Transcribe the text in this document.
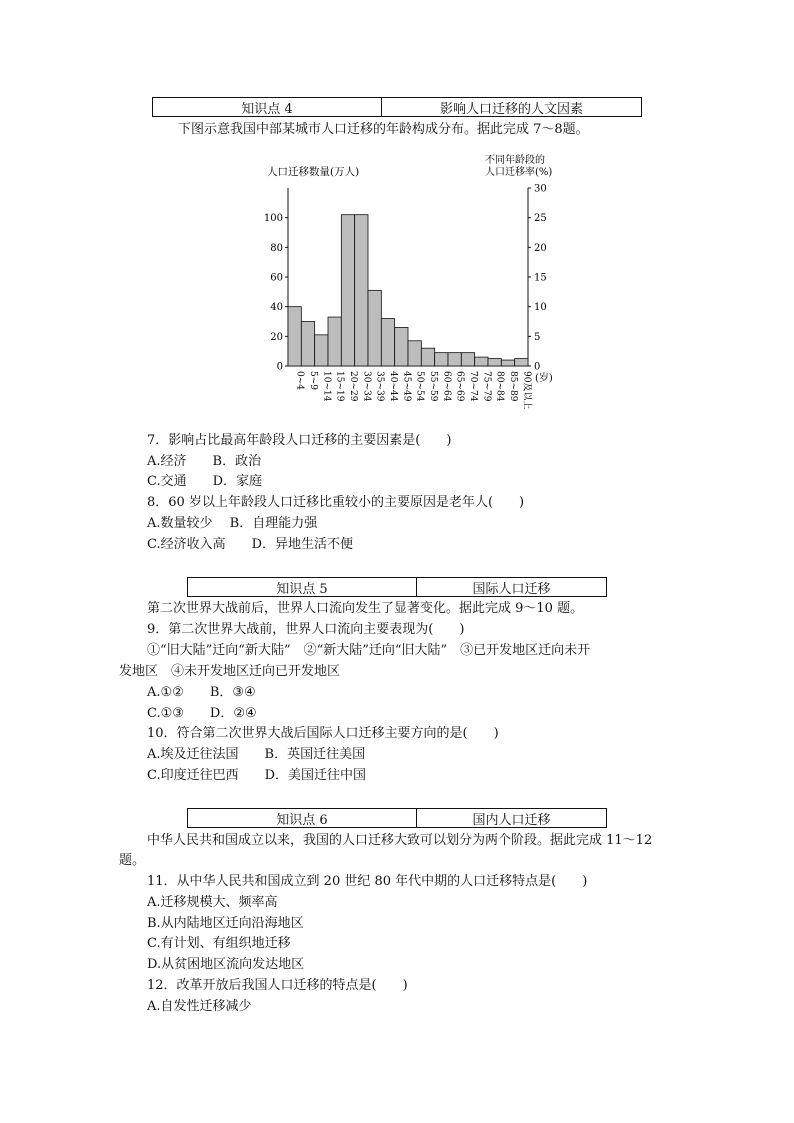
知识点 4	影响人口迁移的人文因素
下图示意我国中部某城市人口迁移的年龄构成分布。据此完成 7～8题。
人口迁移数量(万人)
不同年龄段的
人口迁移率(%)
0
20
40
60
80
100
0
5
10
15
20
25
30
0~4 5~9 10~14 15~19 20~29 30~34 35~39 40~44 45~49 50~54 55~59 60~64 65~69 70~74 75~79 80~84 85~89 90及以上 (岁)
7．影响占比最高年龄段人口迁移的主要因素是(　　)
A.经济　　B．政治
C.交通　　D．家庭
8．60 岁以上年龄段人口迁移比重较小的主要原因是老年人(　　)
A.数量较少　 B．自理能力强
C.经济收入高　　D．异地生活不便
知识点 5	国际人口迁移
第二次世界大战前后，世界人口流向发生了显著变化。据此完成 9～10 题。
9．第二次世界大战前，世界人口流向主要表现为(　　)
①“旧大陆”迁向“新大陆”　②“新大陆”迁向“旧大陆”　③已开发地区迁向未开
发地区　④未开发地区迁向已开发地区
A.①②　　B．③④
C.①③　　D．②④
10．符合第二次世界大战后国际人口迁移主要方向的是(　　)
A.埃及迁往法国　　B．英国迁往美国
C.印度迁往巴西　　D．美国迁往中国
知识点 6	国内人口迁移
中华人民共和国成立以来，我国的人口迁移大致可以划分为两个阶段。据此完成 11～12
题。
11．从中华人民共和国成立到 20 世纪 80 年代中期的人口迁移特点是(　　)
A.迁移规模大、频率高
B.从内陆地区迁向沿海地区
C.有计划、有组织地迁移
D.从贫困地区流向发达地区
12．改革开放后我国人口迁移的特点是(　　)
A.自发性迁移减少
